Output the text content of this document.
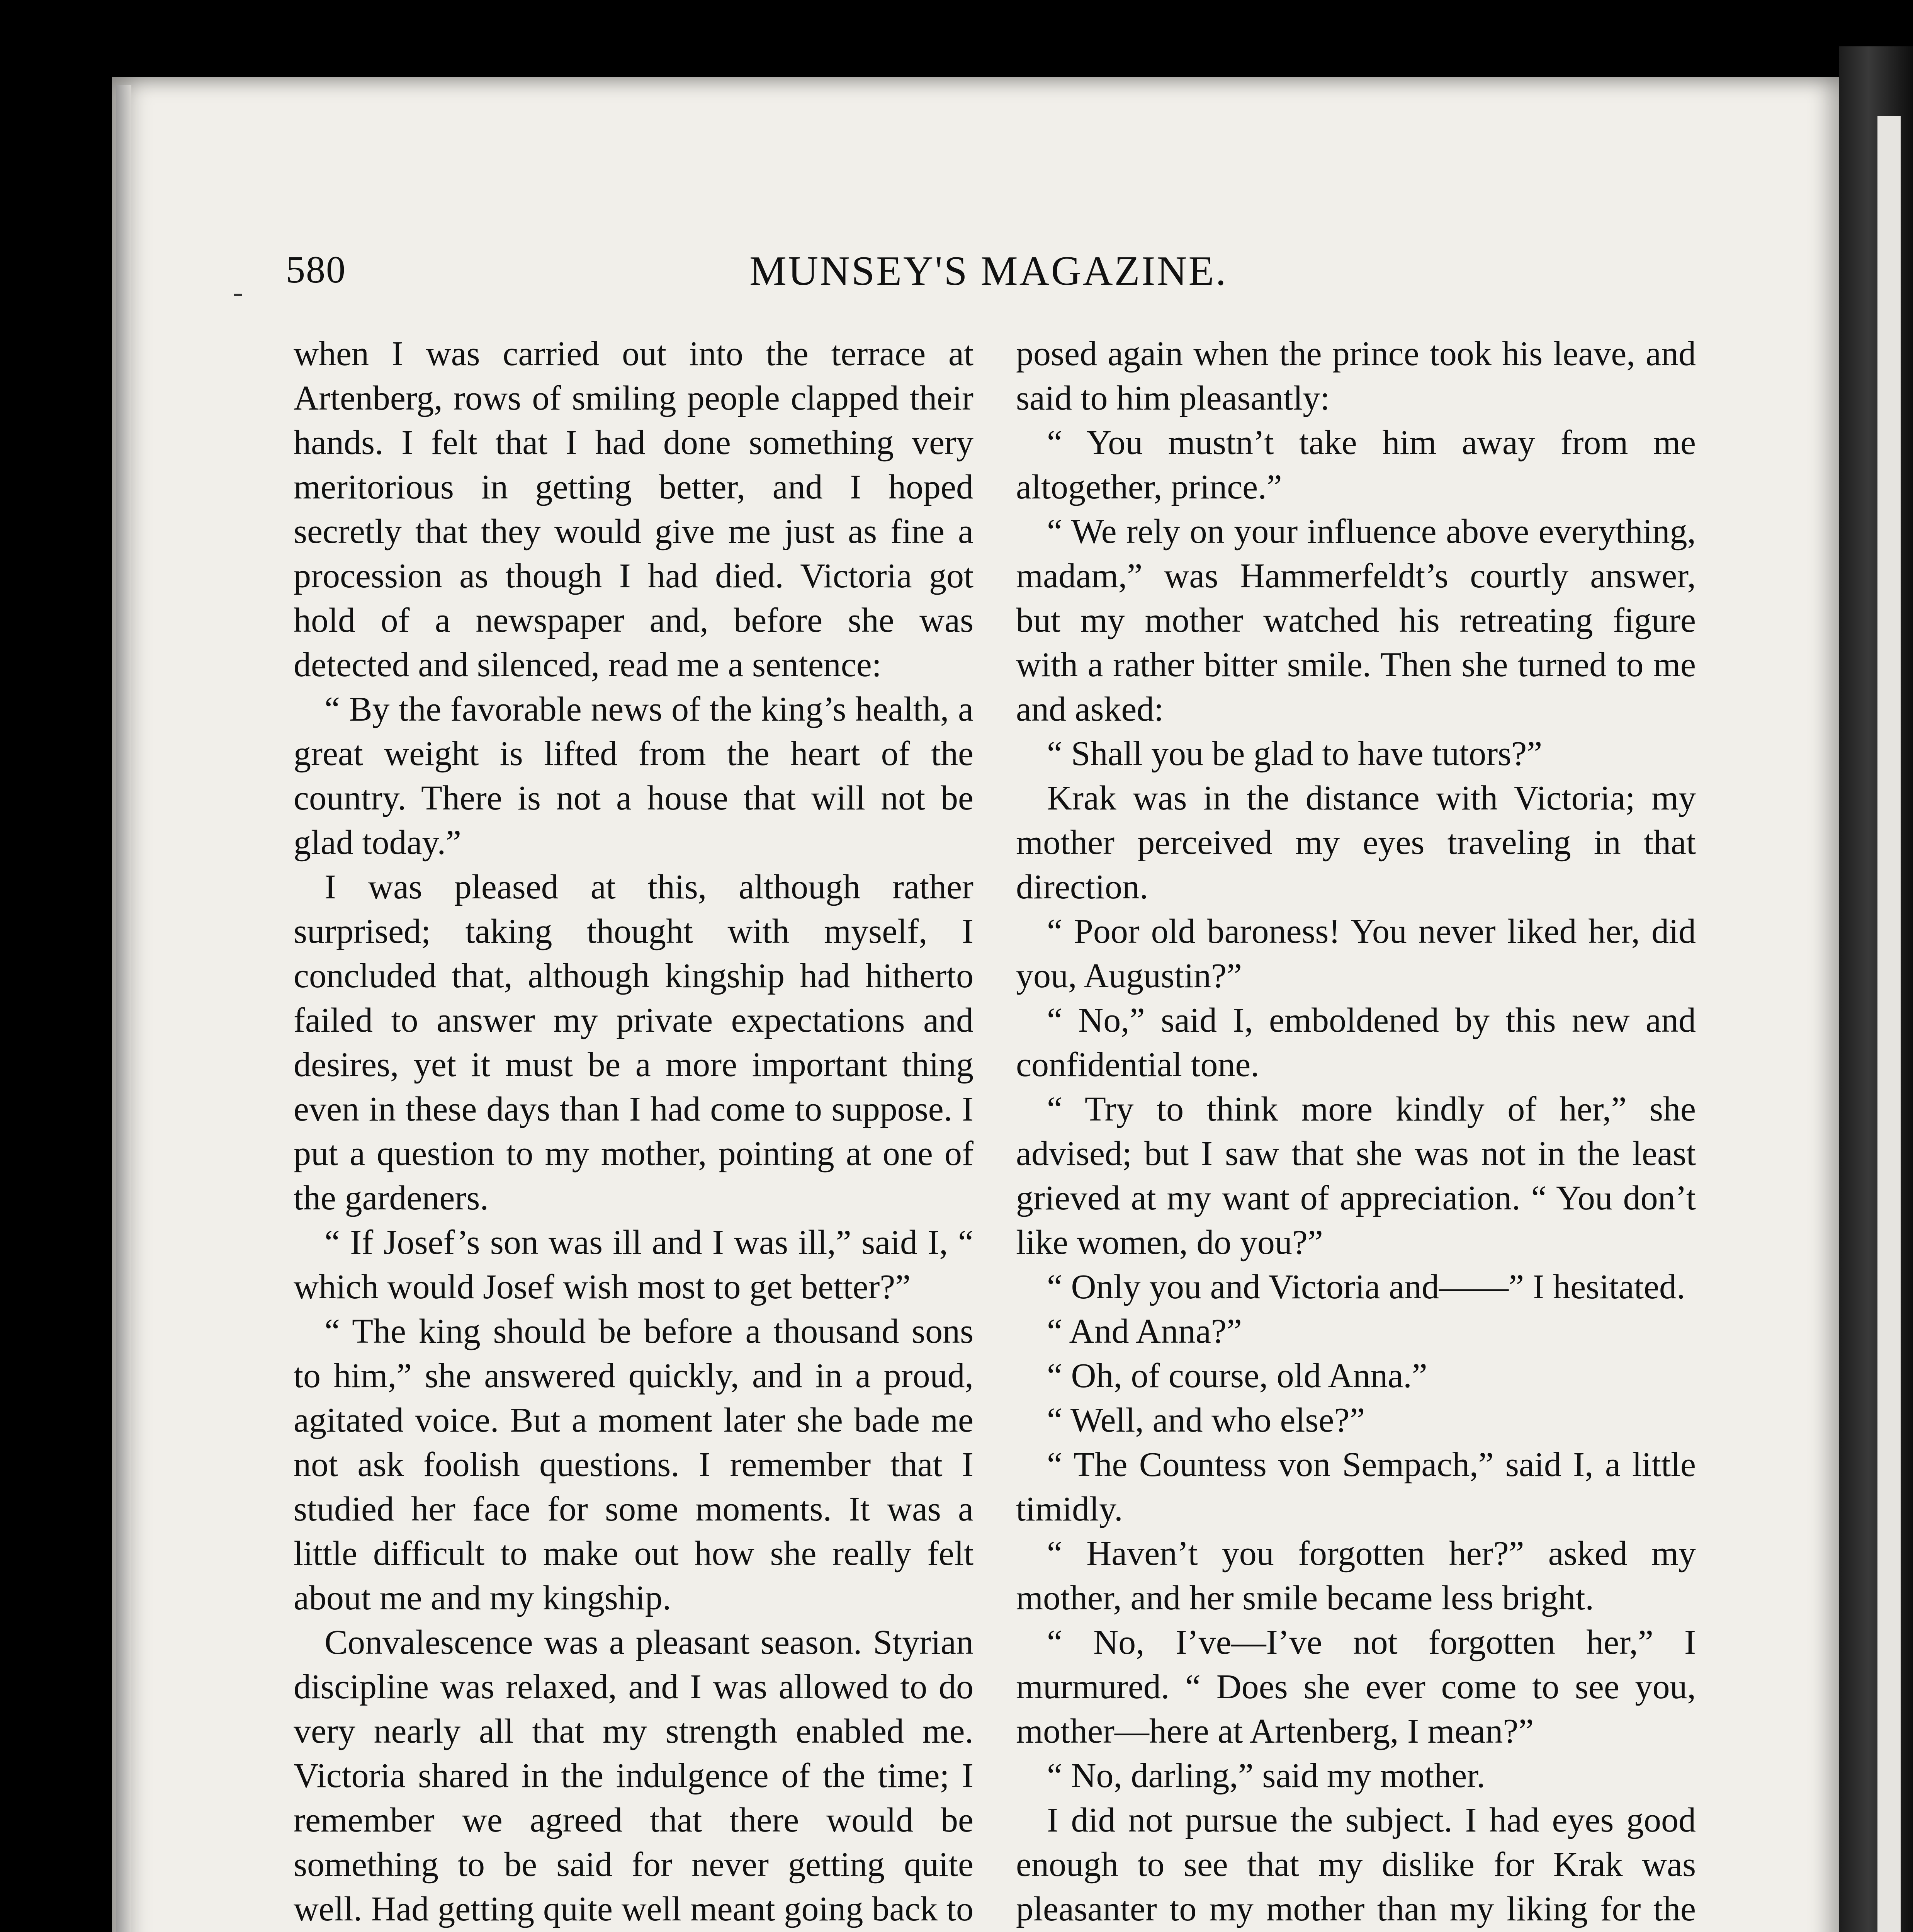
580	MUNSEY'S MAGAZINE.

when I was carried out into the terrace at Artenberg, rows of smiling people clapped their hands. I felt that I had done something very meritorious in getting better, and I hoped secretly that they would give me just as fine a procession as though I had died. Victoria got hold of a newspaper and, before she was detected and silenced, read me a sentence:

“ By the favorable news of the king’s health, a great weight is lifted from the heart of the country. There is not a house that will not be glad today.”

I was pleased at this, although rather surprised; taking thought with myself, I concluded that, although kingship had hitherto failed to answer my private expectations and desires, yet it must be a more important thing even in these days than I had come to suppose. I put a question to my mother, pointing at one of the gardeners.

“ If Josef’s son was ill and I was ill,” said I, “ which would Josef wish most to get better?”

“ The king should be before a thousand sons to him,” she answered quickly, and in a proud, agitated voice. But a moment later she bade me not ask foolish questions. I remember that I studied her face for some moments. It was a little difficult to make out how she really felt about me and my kingship.

Convalescence was a pleasant season. Styrian discipline was relaxed, and I was allowed to do very nearly all that my strength enabled me. Victoria shared in the indulgence of the time; I remember we agreed that there would be something to be said for never getting quite well. Had getting quite well meant going back to

posed again when the prince took his leave, and said to him pleasantly:

“ You mustn’t take him away from me altogether, prince.”

“ We rely on your influence above everything, madam,” was Hammerfeldt’s courtly answer, but my mother watched his retreating figure with a rather bitter smile. Then she turned to me and asked:

“ Shall you be glad to have tutors?”

Krak was in the distance with Victoria; my mother perceived my eyes traveling in that direction.

“ Poor old baroness! You never liked her, did you, Augustin?”

“ No,” said I, emboldened by this new and confidential tone.

“ Try to think more kindly of her,” she advised; but I saw that she was not in the least grieved at my want of appreciation. “ You don’t like women, do you?”

“ Only you and Victoria and——” I hesitated.

“ And Anna?”

“ Oh, of course, old Anna.”

“ Well, and who else?”

“ The Countess von Sempach,” said I, a little timidly.

“ Haven’t you forgotten her?” asked my mother, and her smile became less bright.

“ No, I’ve—I’ve not forgotten her,” I murmured. “ Does she ever come to see you, mother—here at Artenberg, I mean?”

“ No, darling,” said my mother.

I did not pursue the subject. I had eyes good enough to see that my dislike for Krak was pleasanter to my mother than my liking for the
